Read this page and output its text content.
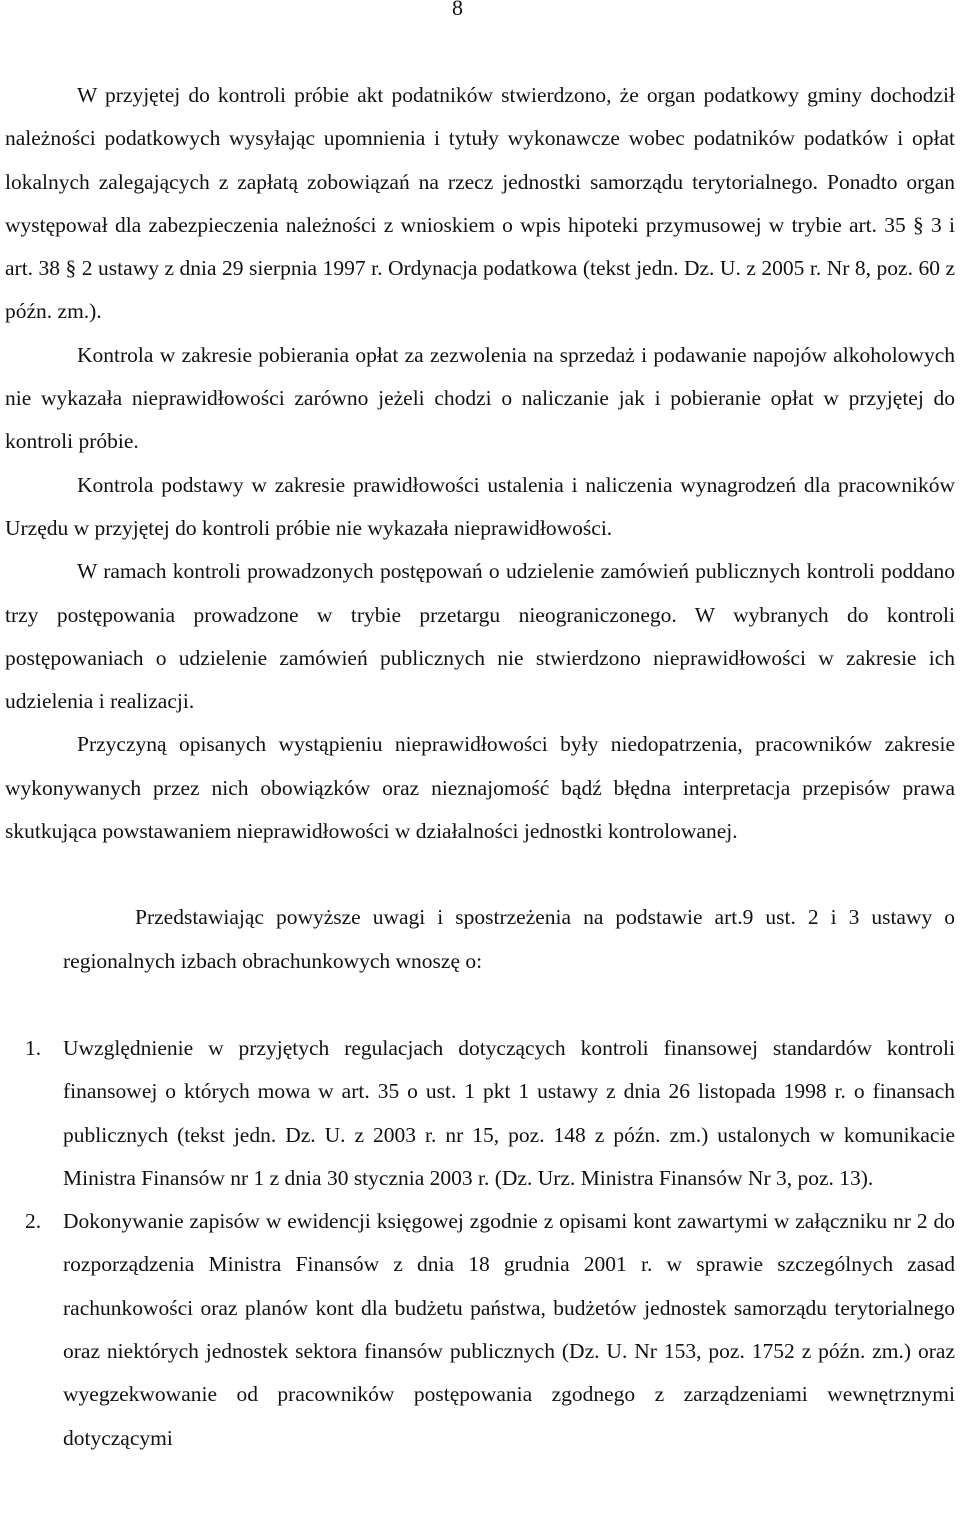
8

W przyjętej do kontroli próbie akt podatników stwierdzono, że organ podatkowy gminy dochodził należności podatkowych wysyłając upomnienia i tytuły wykonawcze wobec podatników podatków i opłat lokalnych zalegających z zapłatą zobowiązań na rzecz jednostki samorządu terytorialnego. Ponadto organ występował dla zabezpieczenia należności z wnioskiem o wpis hipoteki przymusowej w trybie art. 35 § 3 i art. 38 § 2 ustawy z dnia 29 sierpnia 1997 r. Ordynacja podatkowa (tekst jedn. Dz. U. z 2005 r. Nr 8, poz. 60 z późn. zm.).

Kontrola w zakresie pobierania opłat za zezwolenia na sprzedaż i podawanie napojów alkoholowych nie wykazała nieprawidłowości zarówno jeżeli chodzi o naliczanie jak i pobieranie opłat w przyjętej do kontroli próbie.

Kontrola podstawy w zakresie prawidłowości ustalenia i naliczenia wynagrodzeń dla pracowników Urzędu w przyjętej do kontroli próbie nie wykazała nieprawidłowości.

W ramach kontroli prowadzonych postępowań o udzielenie zamówień publicznych kontroli poddano trzy postępowania prowadzone w trybie przetargu nieograniczonego. W wybranych do kontroli postępowaniach o udzielenie zamówień publicznych nie stwierdzono nieprawidłowości w zakresie ich udzielenia i realizacji.

Przyczyną opisanych wystąpieniu nieprawidłowości były niedopatrzenia, pracowników zakresie wykonywanych przez nich obowiązków oraz nieznajomość bądź błędna interpretacja przepisów prawa skutkująca powstawaniem nieprawidłowości w działalności jednostki kontrolowanej.

Przedstawiając powyższe uwagi i spostrzeżenia na podstawie art.9 ust. 2 i 3 ustawy o regionalnych izbach obrachunkowych wnoszę o:

1. Uwzględnienie w przyjętych regulacjach dotyczących kontroli finansowej standardów kontroli finansowej o których mowa w art. 35 o ust. 1 pkt 1 ustawy z dnia 26 listopada 1998 r. o finansach publicznych (tekst jedn. Dz. U. z 2003 r. nr 15, poz. 148 z późn. zm.) ustalonych w komunikacie Ministra Finansów nr 1 z dnia 30 stycznia 2003 r. (Dz. Urz. Ministra Finansów Nr 3, poz. 13).
2. Dokonywanie zapisów w ewidencji księgowej zgodnie z opisami kont zawartymi w załączniku nr 2 do rozporządzenia Ministra Finansów z dnia 18 grudnia 2001 r. w sprawie szczególnych zasad rachunkowości oraz planów kont dla budżetu państwa, budżetów jednostek samorządu terytorialnego oraz niektórych jednostek sektora finansów publicznych (Dz. U. Nr 153, poz. 1752 z późn. zm.) oraz wyegzekwowanie od pracowników postępowania zgodnego z zarządzeniami wewnętrznymi dotyczącymi
